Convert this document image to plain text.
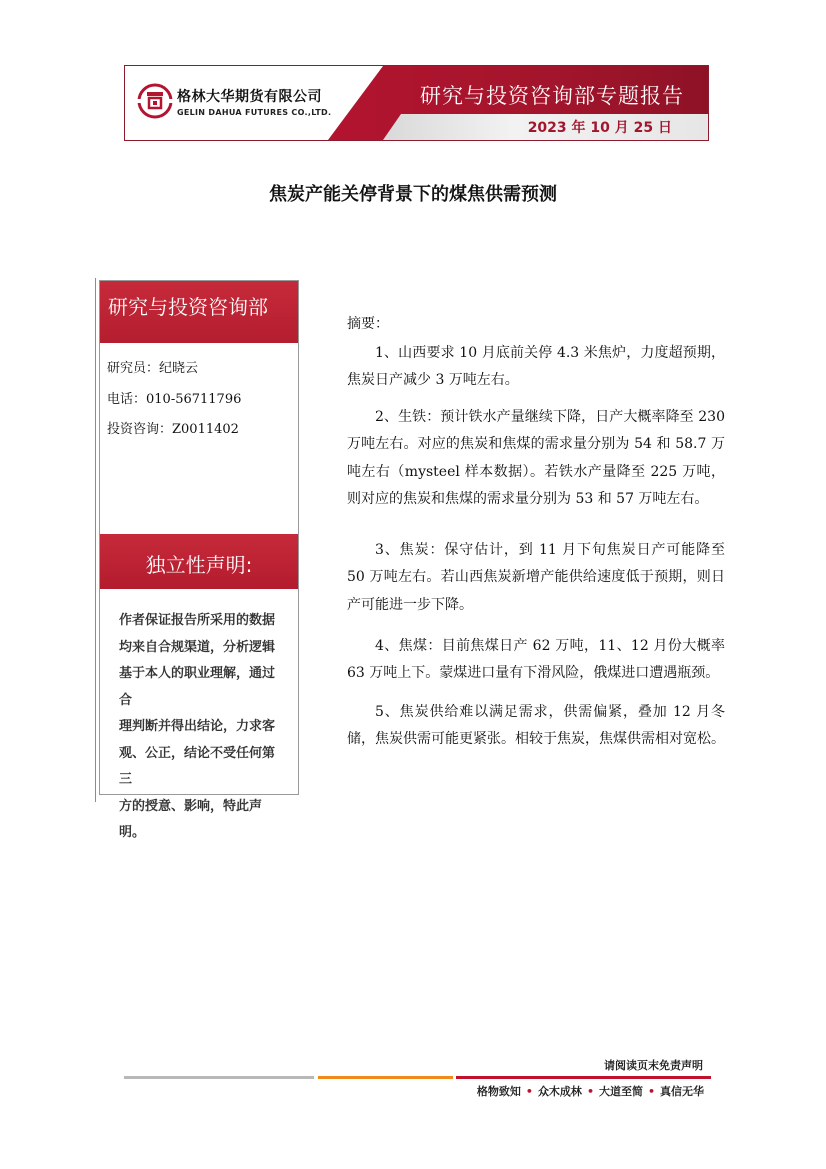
格林大华期货有限公司
GELIN DAHUA FUTURES CO.,LTD.
研究与投资咨询部专题报告
2023 年 10 月 25 日
焦炭产能关停背景下的煤焦供需预测
研究与投资咨询部
研究员：纪晓云
电话：010-56711796
投资咨询：Z0011402
独立性声明:
作者保证报告所采用的数据
均来自合规渠道，分析逻辑
基于本人的职业理解，通过合
理判断并得出结论，力求客
观、公正，结论不受任何第三
方的授意、影响，特此声明。
摘要：
1、山西要求 10 月底前关停 4.3 米焦炉，力度超预期，焦炭日产减少 3 万吨左右。
2、生铁：预计铁水产量继续下降，日产大概率降至 230 万吨左右。对应的焦炭和焦煤的需求量分别为 54 和 58.7 万吨左右（mysteel 样本数据）。若铁水产量降至 225 万吨，则对应的焦炭和焦煤的需求量分别为 53 和 57 万吨左右。
3、焦炭：保守估计，到 11 月下旬焦炭日产可能降至 50 万吨左右。若山西焦炭新增产能供给速度低于预期，则日产可能进一步下降。
4、焦煤：目前焦煤日产 62 万吨，11、12 月份大概率 63 万吨上下。蒙煤进口量有下滑风险，俄煤进口遭遇瓶颈。
5、焦炭供给难以满足需求，供需偏紧，叠加 12 月冬储，焦炭供需可能更紧张。相较于焦炭，焦煤供需相对宽松。
请阅读页末免责声明
格物致知 • 众木成林 • 大道至简 • 真信无华
